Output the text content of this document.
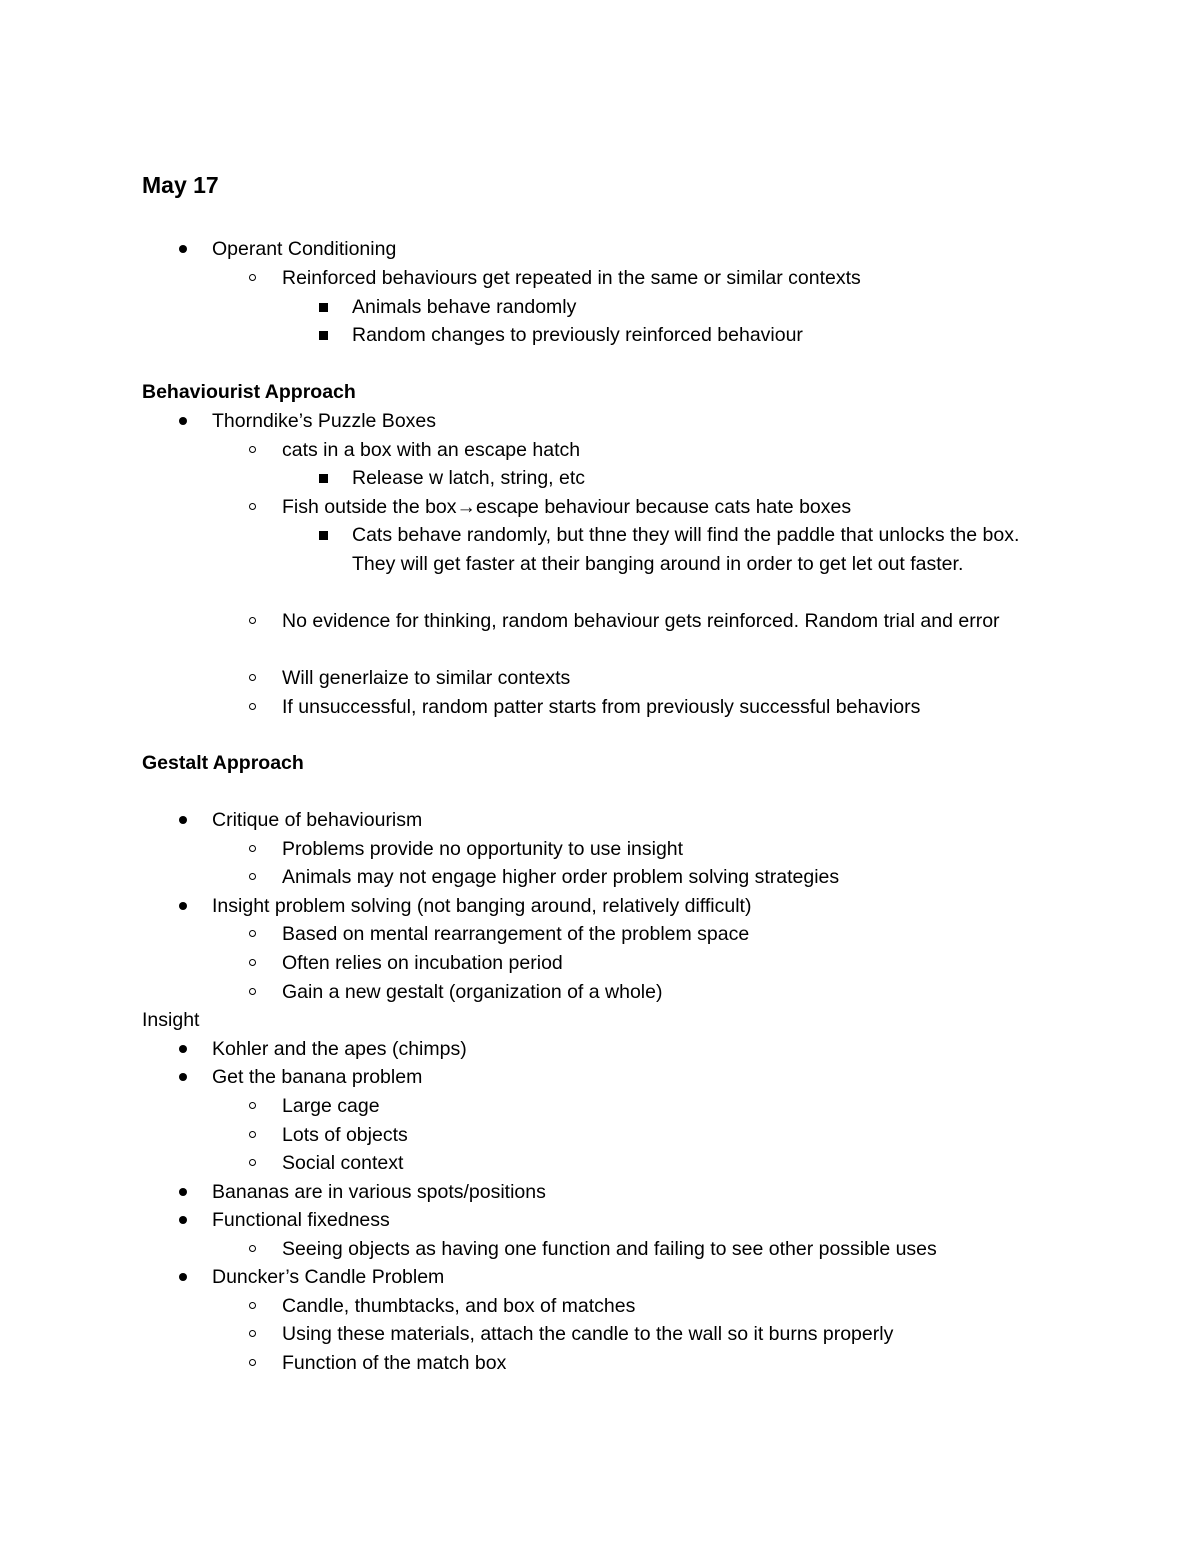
May 17
Operant Conditioning
Reinforced behaviours get repeated in the same or similar contexts
Animals behave randomly
Random changes to previously reinforced behaviour
Behaviourist Approach
Thorndike’s Puzzle Boxes
cats in a box with an escape hatch
Release w latch, string, etc
Fish outside the box→escape behaviour because cats hate boxes
Cats behave randomly, but thne they will find the paddle that unlocks the box. They will get faster at their banging around in order to get let out faster.
No evidence for thinking, random behaviour gets reinforced. Random trial and error
Will generlaize to similar contexts
If unsuccessful, random patter starts from previously successful behaviors
Gestalt Approach
Critique of behaviourism
Problems provide no opportunity to use insight
Animals may not engage higher order problem solving strategies
Insight problem solving (not banging around, relatively difficult)
Based on mental rearrangement of the problem space
Often relies on incubation period
Gain a new gestalt (organization of a whole)
Insight
Kohler and the apes (chimps)
Get the banana problem
Large cage
Lots of objects
Social context
Bananas are in various spots/positions
Functional fixedness
Seeing objects as having one function and failing to see other possible uses
Duncker’s Candle Problem
Candle, thumbtacks, and box of matches
Using these materials, attach the candle to the wall so it burns properly
Function of the match box
